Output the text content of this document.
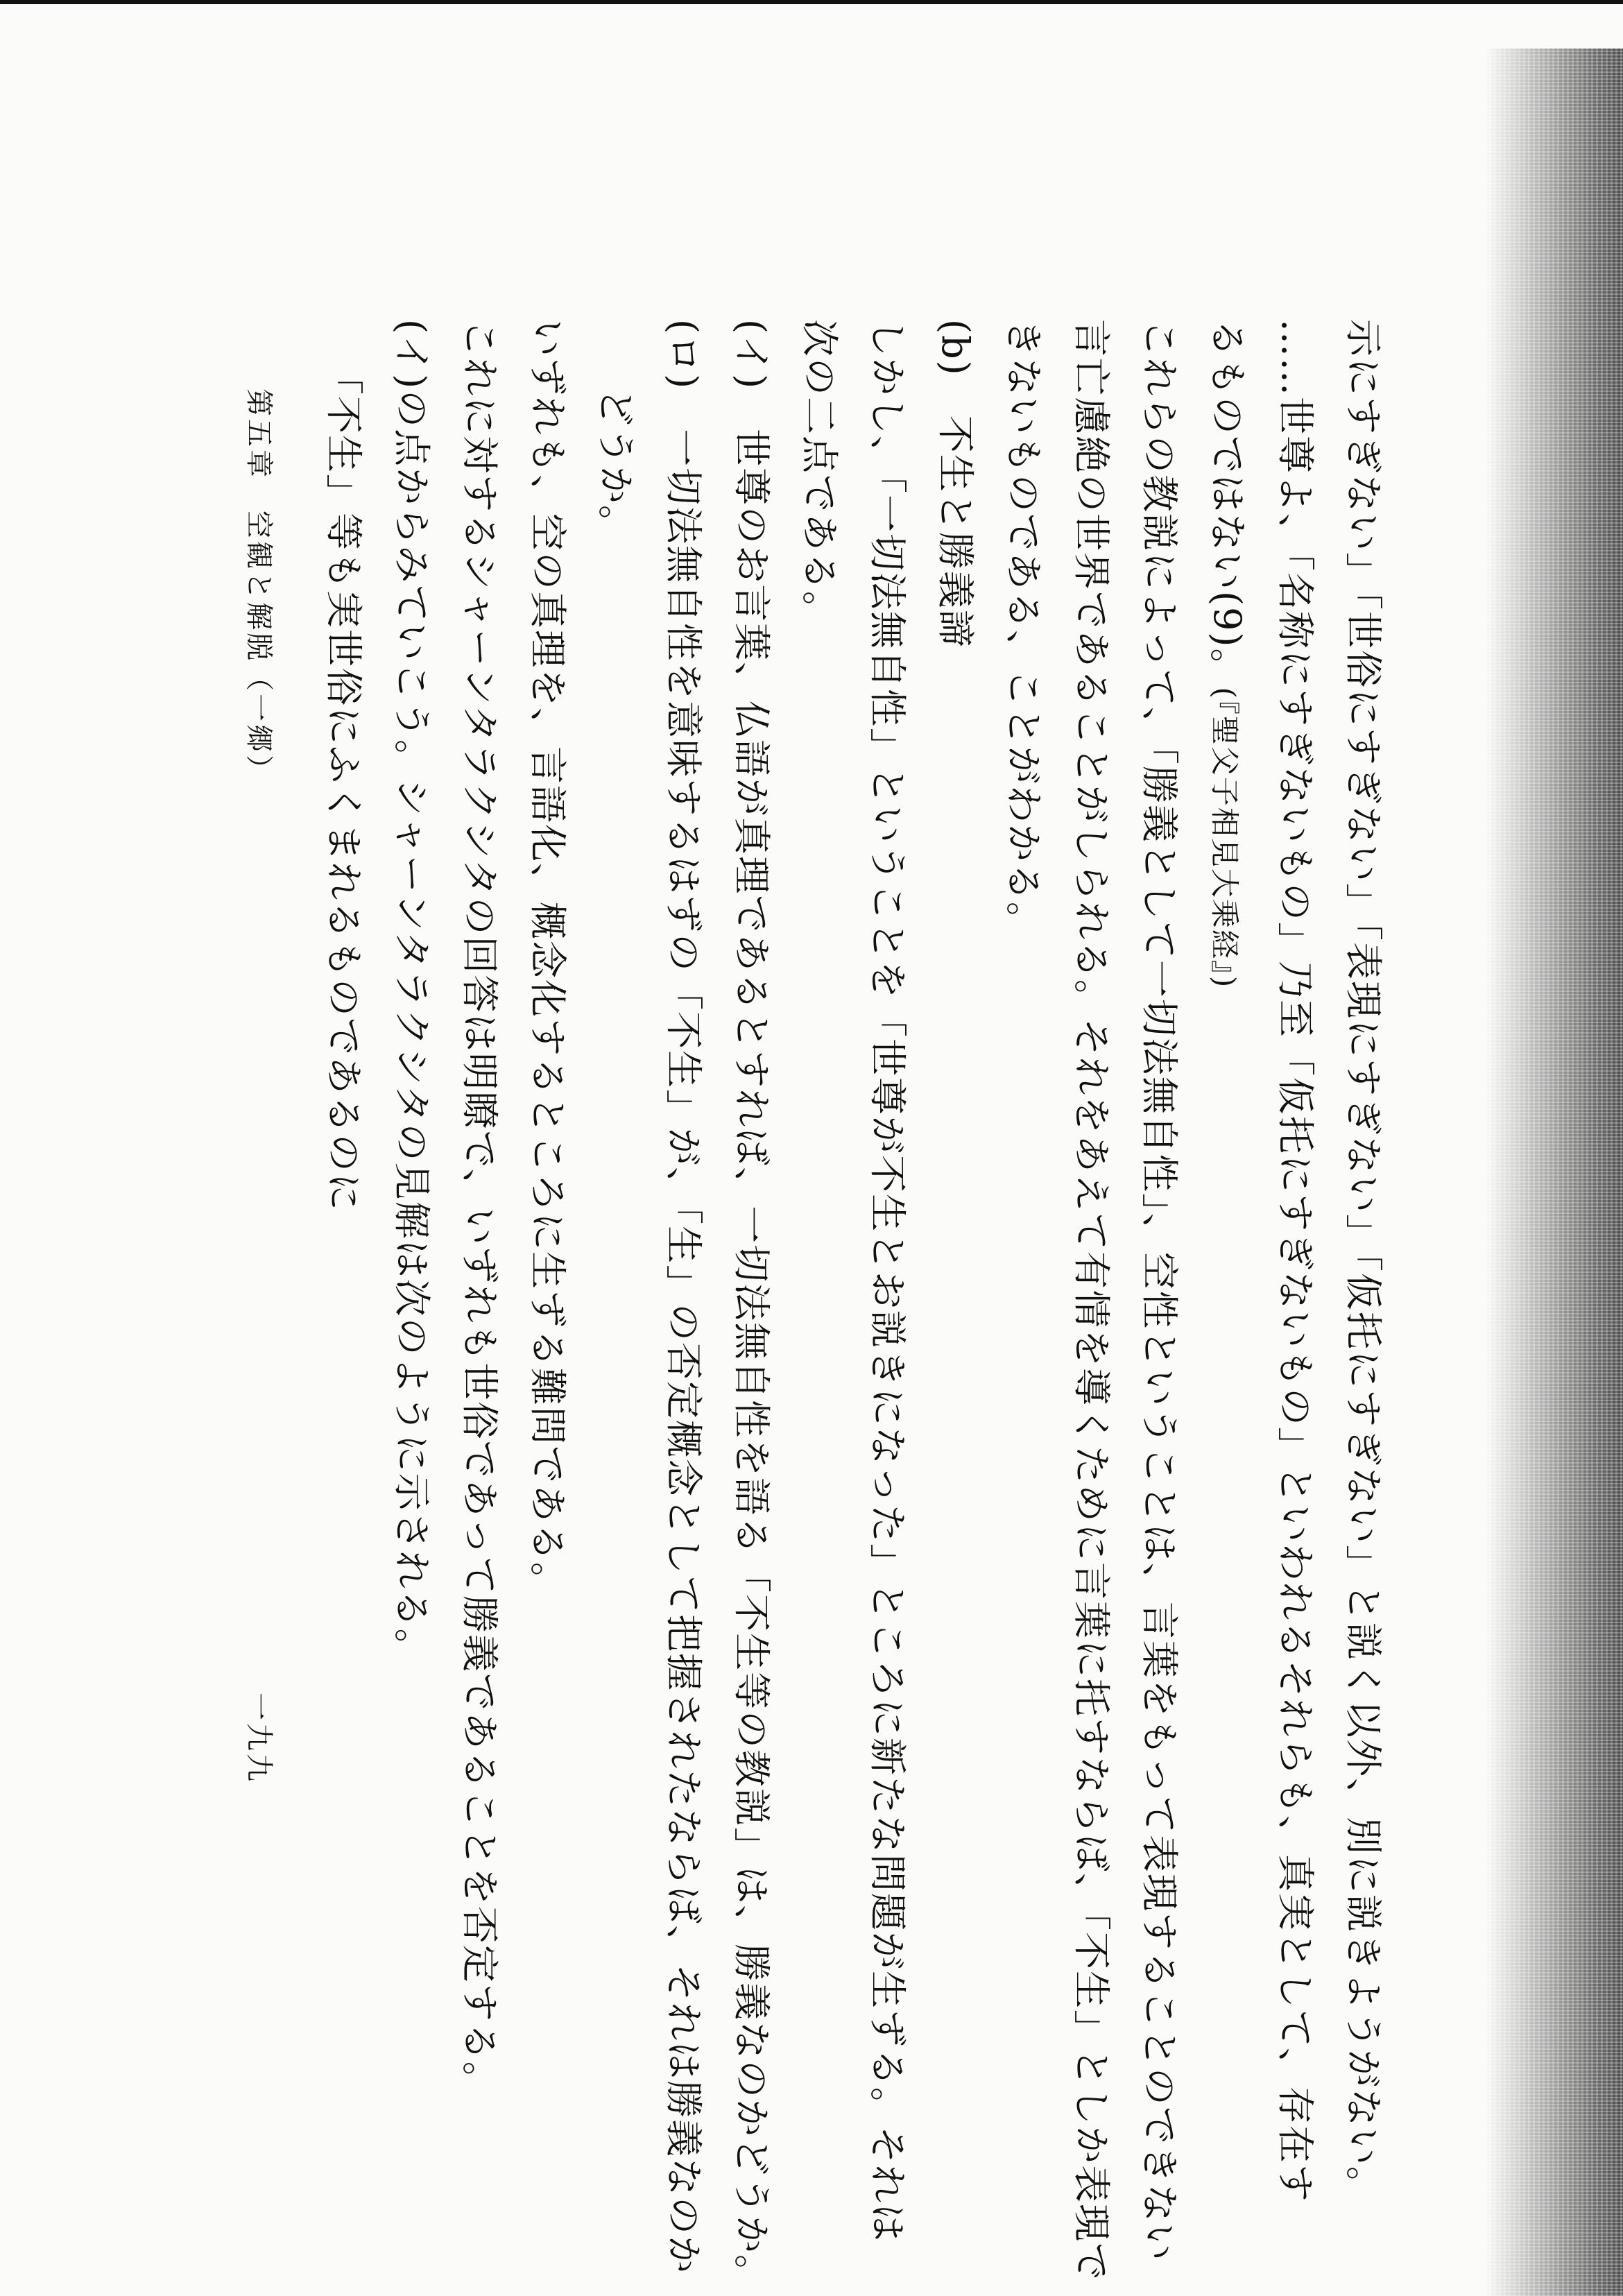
示にすぎない」「世俗にすぎない」「表現にすぎない」「仮托にすぎない」と説く以外、別に説きようがない。
……世尊よ、「名称にすぎないもの」乃至「仮托にすぎないもの」といわれるそれらも、真実として、存在す
るものではない(9)。(『聖父子相見大乗経』)
これらの教説によって、「勝義として一切法無自性」、空性ということは、言葉をもって表現することのできない
言亡慮絶の世界であることがしられる。それをあえて有情を導くために言葉に托すならば、「不生」としか表現で
きないものである、ことがわかる。
(b)　不生と勝義諦
しかし、「一切法無自性」ということを「世尊が不生とお説きになった」ところに新たな問題が生ずる。それは
次の二点である。
(イ)　世尊のお言葉、仏語が真理であるとすれば、一切法無自性を語る「不生等の教説」は、勝義なのかどうか。
(ロ)　一切法無自性を意味するはずの「不生」が、「生」の否定概念として把握されたならば、それは勝義なのか
どうか。
いずれも、空の真理を、言語化、概念化するところに生ずる難問である。
これに対するシャーンタラクシタの回答は明瞭で、いずれも世俗であって勝義であることを否定する。
(イ)の点からみていこう。シャーンタラクシタの見解は次のように示される。
「不生」等も実世俗にふくまれるものであるのに
第五章　空観と解脱（一郷）
一九九
